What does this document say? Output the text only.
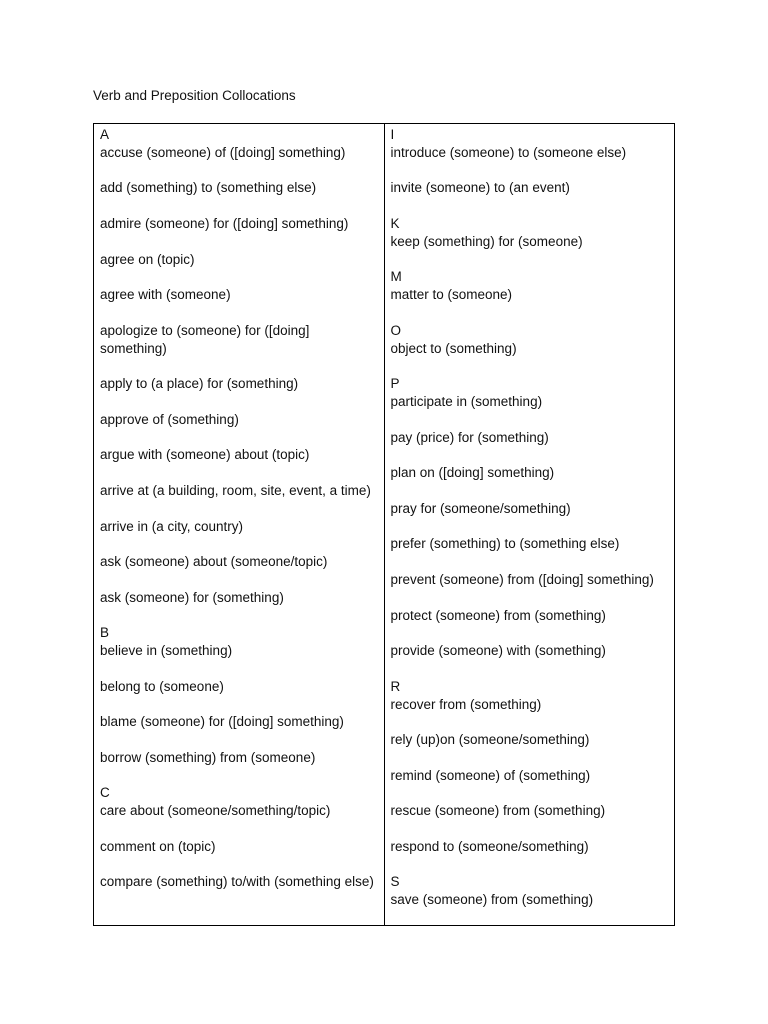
Verb and Preposition Collocations
A
accuse (someone) of ([doing] something)
add (something) to (something else)
admire (someone) for ([doing] something)
agree on (topic)
agree with (someone)
apologize to (someone) for ([doing] something)
apply to (a place) for (something)
approve of (something)
argue with (someone) about (topic)
arrive at (a building, room, site, event, a time)
arrive in (a city, country)
ask (someone) about (someone/topic)
ask (someone) for (something)
B
believe in (something)
belong to (someone)
blame (someone) for ([doing] something)
borrow (something) from (someone)
C
care about (someone/something/topic)
comment on (topic)
compare (something) to/with (something else)
I
introduce (someone) to (someone else)
invite (someone) to (an event)
K
keep (something) for (someone)
M
matter to (someone)
O
object to (something)
P
participate in (something)
pay (price) for (something)
plan on ([doing] something)
pray for (someone/something)
prefer (something) to (something else)
prevent (someone) from ([doing] something)
protect (someone) from (something)
provide (someone) with (something)
R
recover from (something)
rely (up)on (someone/something)
remind (someone) of (something)
rescue (someone) from (something)
respond to (someone/something)
S
save (someone) from (something)
